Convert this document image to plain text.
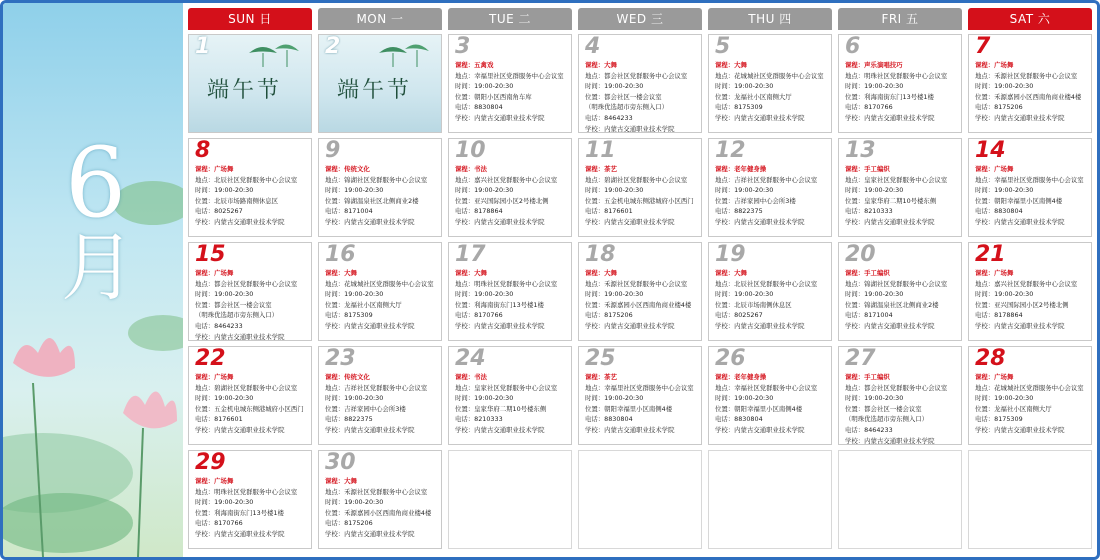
6
月
SUN 日	MON 一	TUE 二	WED 三	THU 四	FRI 五	SAT 六
1
端午节
2
端午节
3
课程：五禽戏
地点：幸福里社区党群服务中心会议室
时间：19:00-20:30
位置：朝阳小区西南角车库
电话：8830804
学校：内蒙古交通职业技术学院
4
课程：大舞
地点：都会社区党群服务中心会议室
时间：19:00-20:30
位置：都会社区一楼会议室
（明珠优选超市旁东侧入口）
电话：8464233
学校：内蒙古交通职业技术学院
5
课程：大舞
地点：花城城社区党群服务中心会议室
时间：19:00-20:30
位置：龙福社小区南侧大厅
电话：8175309
学校：内蒙古交通职业技术学院
6
课程：声乐演唱技巧
地点：明珠社区党群服务中心会议室
时间：19:00-20:30
位置：利海南街东门13号楼1楼
电话：8170766
学校：内蒙古交通职业技术学院
7
课程：广场舞
地点：禾源社区党群服务中心会议室
时间：19:00-20:30
位置：禾源嘉园小区西南角商业楼4楼
电话：8175206
学校：内蒙古交通职业技术学院
8
课程：广场舞
地点：北辰社区党群服务中心会议室
时间：19:00-20:30
位置：北辰市场路南侧休息区
电话：8025267
学校：内蒙古交通职业技术学院
9
课程：传统文化
地点：锦湖社区党群服务中心会议室
时间：19:00-20:30
位置：锦湖温泉社区北侧商业2楼
电话：8171004
学校：内蒙古交通职业技术学院
10
课程：书法
地点：嘉兴社区党群服务中心会议室
时间：19:00-20:30
位置：亚兴国际园小区2号楼北侧
电话：8178864
学校：内蒙古交通职业技术学院
11
课程：茶艺
地点：碧湖社区党群服务中心会议室
时间：19:00-20:30
位置：五金机电城东侧港城府小区西门
电话：8176601
学校：内蒙古交通职业技术学院
12
课程：老年健身操
地点：吉祥社区党群服务中心会议室
时间：19:00-20:30
位置：吉祥家园中心会所3楼
电话：8822375
学校：内蒙古交通职业技术学院
13
课程：手工编织
地点：皇家社区党群服务中心会议室
时间：19:00-20:30
位置：皇家华府二期10号楼东侧
电话：8210333
学校：内蒙古交通职业技术学院
14
课程：广场舞
地点：幸福里社区党群服务中心会议室
时间：19:00-20:30
位置：朝阳幸福里小区南侧4楼
电话：8830804
学校：内蒙古交通职业技术学院
15
课程：广场舞
地点：都会社区党群服务中心会议室
时间：19:00-20:30
位置：都会社区一楼会议室
（明珠优选超市旁东侧入口）
电话：8464233
学校：内蒙古交通职业技术学院
16
课程：大舞
地点：花城城社区党群服务中心会议室
时间：19:00-20:30
位置：龙福社小区南侧大厅
电话：8175309
学校：内蒙古交通职业技术学院
17
课程：大舞
地点：明珠社区党群服务中心会议室
时间：19:00-20:30
位置：利海南街东门13号楼1楼
电话：8170766
学校：内蒙古交通职业技术学院
18
课程：大舞
地点：禾源社区党群服务中心会议室
时间：19:00-20:30
位置：禾源嘉园小区西南角商业楼4楼
电话：8175206
学校：内蒙古交通职业技术学院
19
课程：大舞
地点：北辰社区党群服务中心会议室
时间：19:00-20:30
位置：北辰市场南侧休息区
电话：8025267
学校：内蒙古交通职业技术学院
20
课程：手工编织
地点：锦湖社区党群服务中心会议室
时间：19:00-20:30
位置：锦湖温泉社区北侧商业2楼
电话：8171004
学校：内蒙古交通职业技术学院
21
课程：广场舞
地点：嘉兴社区党群服务中心会议室
时间：19:00-20:30
位置：亚兴国际园小区2号楼北侧
电话：8178864
学校：内蒙古交通职业技术学院
22
课程：广场舞
地点：碧湖社区党群服务中心会议室
时间：19:00-20:30
位置：五金机电城东侧港城府小区西门
电话：8176601
学校：内蒙古交通职业技术学院
23
课程：传统文化
地点：吉祥社区党群服务中心会议室
时间：19:00-20:30
位置：吉祥家园中心会所3楼
电话：8822375
学校：内蒙古交通职业技术学院
24
课程：书法
地点：皇家社区党群服务中心会议室
时间：19:00-20:30
位置：皇家华府二期10号楼东侧
电话：8210333
学校：内蒙古交通职业技术学院
25
课程：茶艺
地点：幸福里社区党群服务中心会议室
时间：19:00-20:30
位置：朝阳幸福里小区南侧4楼
电话：8830804
学校：内蒙古交通职业技术学院
26
课程：老年健身操
地点：幸福社区党群服务中心会议室
时间：19:00-20:30
位置：朝阳幸福里小区南侧4楼
电话：8830804
学校：内蒙古交通职业技术学院
27
课程：手工编织
地点：都会社区党群服务中心会议室
时间：19:00-20:30
位置：都会社区一楼会议室
（明珠优选超市旁东侧入口）
电话：8464233
学校：内蒙古交通职业技术学院
28
课程：广场舞
地点：花城城社区党群服务中心会议室
时间：19:00-20:30
位置：龙福社小区南侧大厅
电话：8175309
学校：内蒙古交通职业技术学院
29
课程：广场舞
地点：明珠社区党群服务中心会议室
时间：19:00-20:30
位置：利海南街东门13号楼1楼
电话：8170766
学校：内蒙古交通职业技术学院
30
课程：大舞
地点：禾源社区党群服务中心会议室
时间：19:00-20:30
位置：禾源嘉园小区西南角商业楼4楼
电话：8175206
学校：内蒙古交通职业技术学院
